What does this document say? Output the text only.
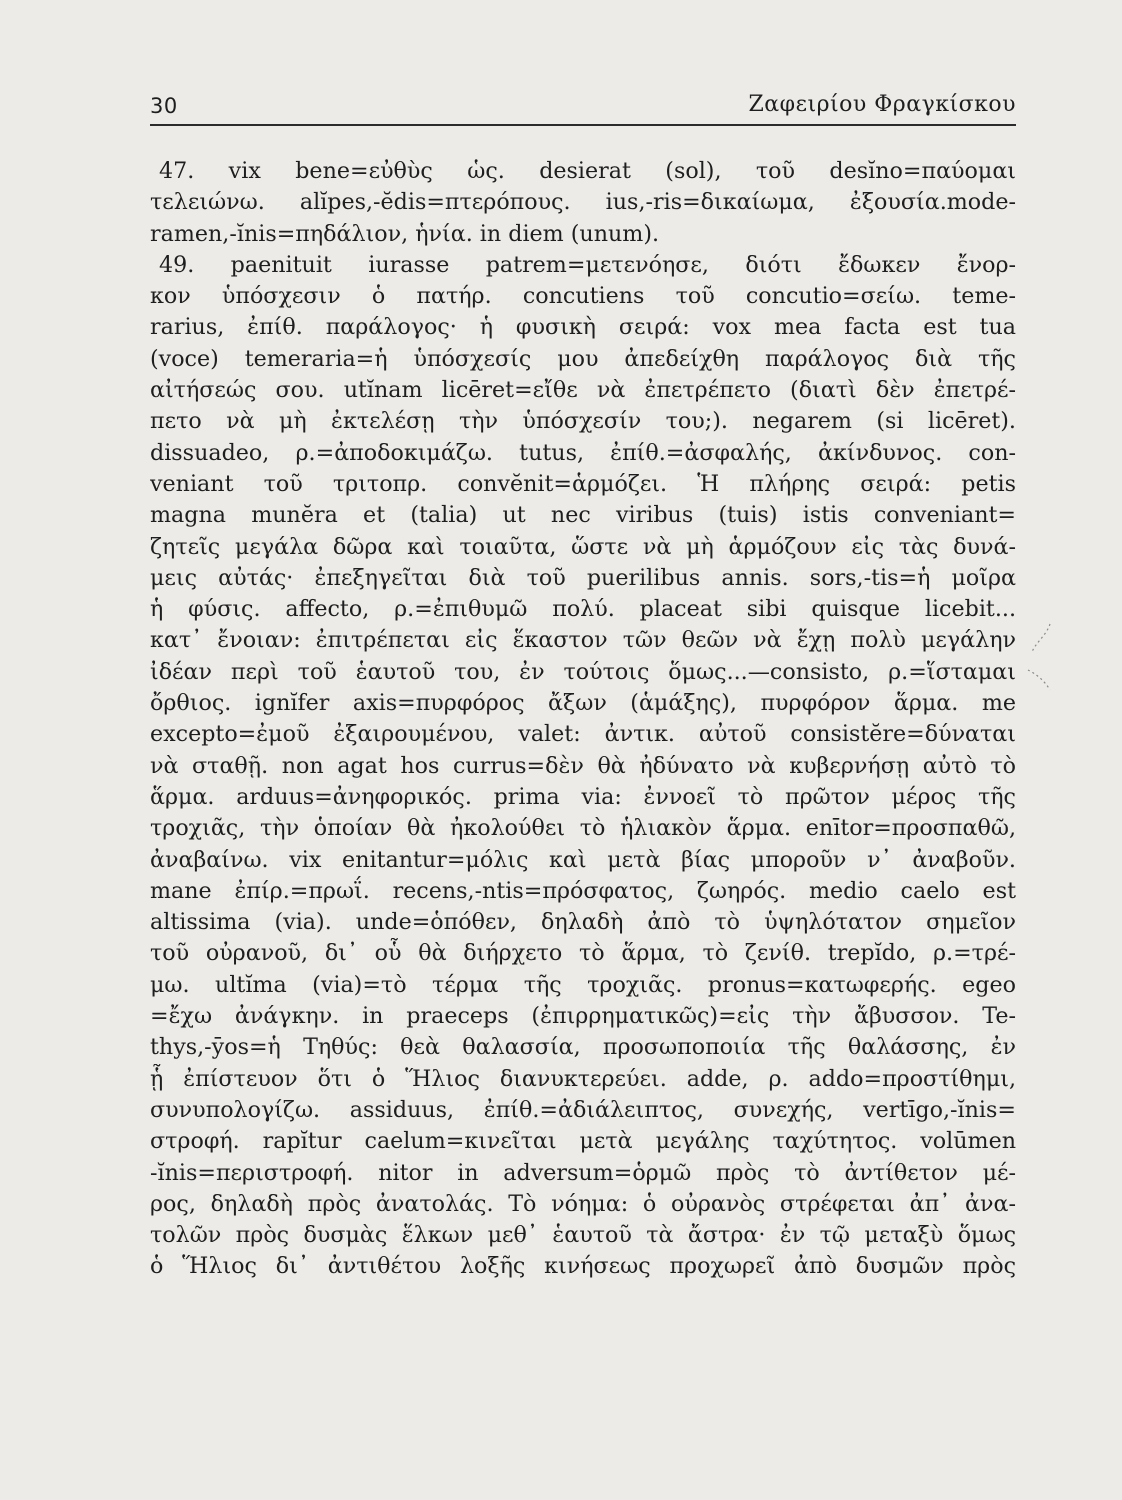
30	Ζαφειρίου Φραγκίσκου
47. vix bene=εὐθὺς ὡς. desierat (sol), τοῦ desĭno=παύομαι
τελειώνω. alĭpes,-ĕdis=πτερόπους. ius,-ris=δικαίωμα, ἐξουσία.mode-
ramen,-ĭnis=πηδάλιον, ἡνία. in diem (unum).
49. paenituit iurasse patrem=μετενόησε, διότι ἔδωκεν ἔνορ-
κον ὑπόσχεσιν ὁ πατήρ. concutiens τοῦ concutio=σείω. teme-
rarius, ἐπίθ. παράλογος· ἡ φυσικὴ σειρά: vox mea facta est tua
(voce) temeraria=ἡ ὑπόσχεσίς μου ἀπεδείχθη παράλογος διὰ τῆς
αἰτήσεώς σου. utĭnam licēret=εἴθε νὰ ἐπετρέπετο (διατὶ δὲν ἐπετρέ-
πετο νὰ μὴ ἐκτελέσῃ τὴν ὑπόσχεσίν του;). negarem (si licēret).
dissuadeo, ρ.=ἀποδοκιμάζω. tutus, ἐπίθ.=ἀσφαλής, ἀκίνδυνος. con-
veniant τοῦ τριτοπρ. convĕnit=ἁρμόζει. Ἡ πλήρης σειρά: petis
magna munĕra et (talia) ut nec viribus (tuis) istis conveniant=
ζητεῖς μεγάλα δῶρα καὶ τοιαῦτα, ὥστε νὰ μὴ ἁρμόζουν εἰς τὰς δυνά-
μεις αὐτάς· ἐπεξηγεῖται διὰ τοῦ puerilibus annis. sors,-tis=ἡ μοῖρα
ἡ φύσις. affecto, ρ.=ἐπιθυμῶ πολύ. placeat sibi quisque licebit...
κατ᾽ ἔνοιαν: ἐπιτρέπεται εἰς ἕκαστον τῶν θεῶν νὰ ἔχῃ πολὺ μεγάλην
ἰδέαν περὶ τοῦ ἑαυτοῦ του, ἐν τούτοις ὅμως...—consisto, ρ.=ἵσταμαι
ὄρθιος. ignĭfer axis=πυρφόρος ἄξων (ἁμάξης), πυρφόρον ἅρμα. me
excepto=ἐμοῦ ἐξαιρουμένου, valet: ἀντικ. αὐτοῦ consistĕre=δύναται
νὰ σταθῇ. non agat hos currus=δὲν θὰ ἠδύνατο νὰ κυβερνήσῃ αὐτὸ τὸ
ἅρμα. arduus=ἀνηφορικός. prima via: ἐννοεῖ τὸ πρῶτον μέρος τῆς
τροχιᾶς, τὴν ὁποίαν θὰ ἠκολούθει τὸ ἡλιακὸν ἅρμα. enītor=προσπαθῶ,
ἀναβαίνω. vix enitantur=μόλις καὶ μετὰ βίας μποροῦν ν᾽ ἀναβοῦν.
mane ἐπίρ.=πρωΐ. recens,-ntis=πρόσφατος, ζωηρός. medio caelo est
altissima (via). unde=ὁπόθεν, δηλαδὴ ἀπὸ τὸ ὑψηλότατον σημεῖον
τοῦ οὐρανοῦ, δι᾽ οὗ θὰ διήρχετο τὸ ἅρμα, τὸ ζενίθ. trepĭdo, ρ.=τρέ-
μω. ultĭma (via)=τὸ τέρμα τῆς τροχιᾶς. pronus=κατωφερής. egeo
=ἔχω ἀνάγκην. in praeceps (ἐπιρρηματικῶς)=εἰς τὴν ἄβυσσον. Te-
thys,-ȳos=ἡ Τηθύς: θεὰ θαλασσία, προσωποποιία τῆς θαλάσσης, ἐν
ᾗ ἐπίστευον ὅτι ὁ Ἥλιος διανυκτερεύει. adde, ρ. addo=προστίθημι,
συνυπολογίζω. assiduus, ἐπίθ.=ἀδιάλειπτος, συνεχής, vertīgo,-ĭnis=
στροφή. rapĭtur caelum=κινεῖται μετὰ μεγάλης ταχύτητος. volūmen
-ĭnis=περιστροφή. nitor in adversum=ὁρμῶ πρὸς τὸ ἀντίθετον μέ-
ρος, δηλαδὴ πρὸς ἀνατολάς. Τὸ νόημα: ὁ οὐρανὸς στρέφεται ἀπ᾽ ἀνα-
τολῶν πρὸς δυσμὰς ἕλκων μεθ᾽ ἑαυτοῦ τὰ ἄστρα· ἐν τῷ μεταξὺ ὅμως
ὁ Ἥλιος δι᾽ ἀντιθέτου λοξῆς κινήσεως προχωρεῖ ἀπὸ δυσμῶν πρὸς
